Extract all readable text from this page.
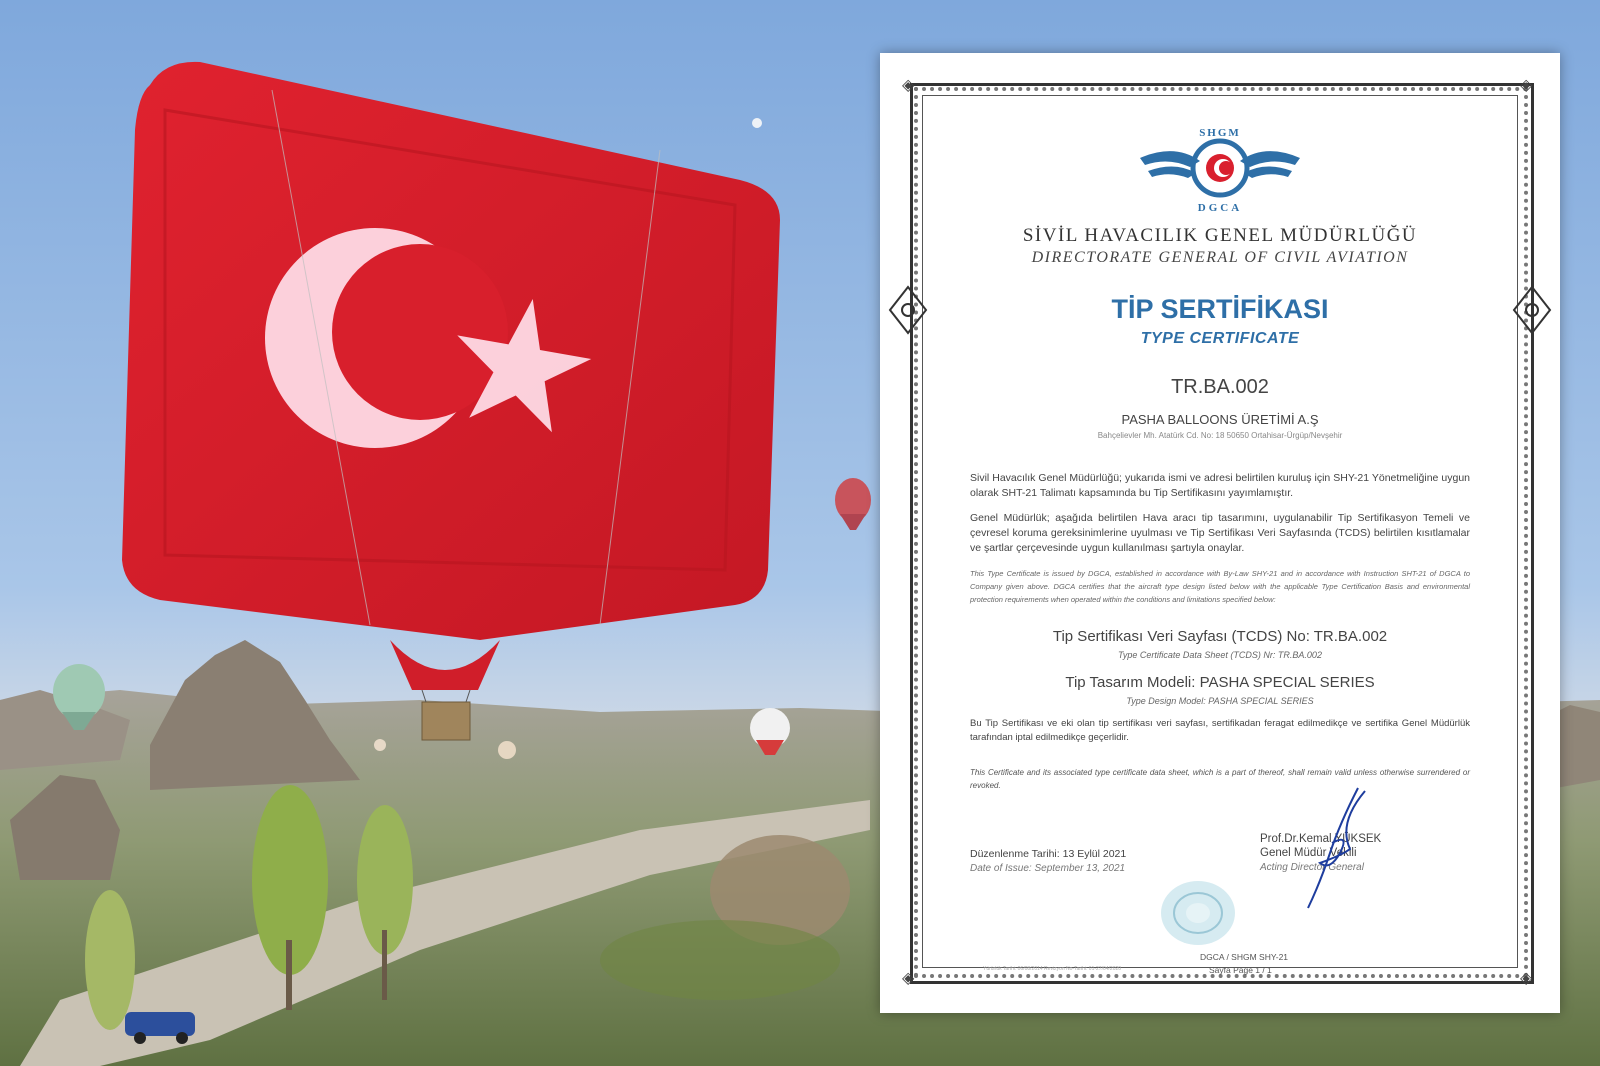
◈	◈
◈	◈
SHGM
DGCA
SİVİL HAVACILIK GENEL MÜDÜRLÜĞÜ
DIRECTORATE GENERAL OF CIVIL AVIATION
TİP SERTİFİKASI
TYPE CERTIFICATE
TR.BA.002
PASHA BALLOONS ÜRETİMİ A.Ş
Bahçelievler Mh. Atatürk Cd. No: 18 50650 Ortahisar-Ürgüp/Nevşehir
Sivil Havacılık Genel Müdürlüğü; yukarıda ismi ve adresi belirtilen kuruluş için SHY-21 Yönetmeliğine uygun olarak SHT-21 Talimatı kapsamında bu Tip Sertifikasını yayımlamıştır.
Genel Müdürlük; aşağıda belirtilen Hava aracı tip tasarımını, uygulanabilir Tip Sertifikasyon Temeli ve çevresel koruma gereksinimlerine uyulması ve Tip Sertifikası Veri Sayfasında (TCDS) belirtilen kısıtlamalar ve şartlar çerçevesinde uygun kullanılması şartıyla onaylar.
This Type Certificate is issued by DGCA, established in accordance with By-Law SHY-21 and in accordance with Instruction SHT-21 of DGCA to Company given above. DGCA certifies that the aircraft type design listed below with the applicable Type Certification Basis and environmental protection requirements when operated within the conditions and limitations specified below:
Tip Sertifikası Veri Sayfası (TCDS) No: TR.BA.002
Type Certificate Data Sheet (TCDS) Nr: TR.BA.002
Tip Tasarım Modeli: PASHA SPECIAL SERIES
Type Design Model: PASHA SPECIAL SERIES
Bu Tip Sertifikası ve eki olan tip sertifikası veri sayfası, sertifikadan feragat edilmedikçe ve sertifika Genel Müdürlük tarafından iptal edilmedikçe geçerlidir.
This Certificate and its associated type certificate data sheet, which is a part of thereof, shall remain valid unless otherwise surrendered or revoked.
Düzenlenme Tarihi: 13 Eylül 2021
Date of Issue: September 13, 2021
Prof.Dr.Kemal YÜKSEK
Genel Müdür Vekili
Acting Director General
DGCA / SHGM SHY-21
Sayfa Page 1 / 1
Yürürlük Tarihi: 06/08/2014 Revizyon No-Tarihi: 01-27/04/2020
